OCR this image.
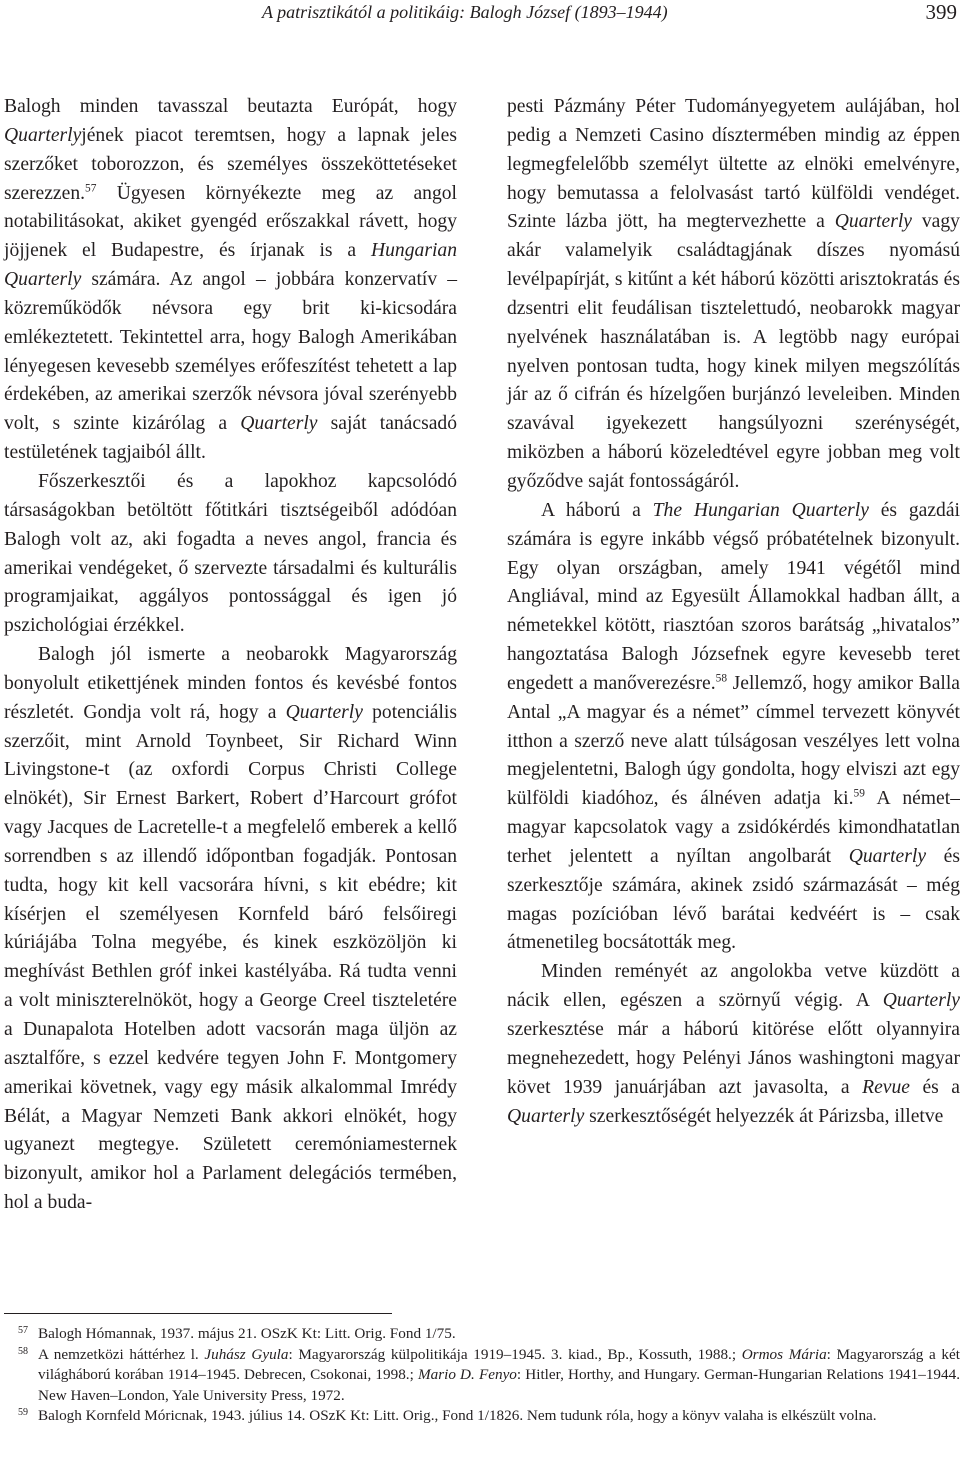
A patrisztikától a politikáig: Balogh József (1893–1944)	399

Balogh minden tavasszal beutazta Európát, hogy Quarterlyjének piacot teremtsen, hogy a lapnak jeles szerzőket toborozzon, és személyes összeköttetéseket szerezzen.$^{57}$ Ügyesen környékezte meg az angol notabilitásokat, akiket gyengéd erőszakkal rávett, hogy jöjjenek el Budapestre, és írjanak is a Hungarian Quarterly számára. Az angol – jobbára konzervatív – közreműködők névsora egy brit ki-kicsodára emlékeztetett. Tekintettel arra, hogy Balogh Amerikában lényegesen kevesebb személyes erőfeszítést tehetett a lap érdekében, az amerikai szerzők névsora jóval szerényebb volt, s szinte kizárólag a Quarterly saját tanácsadó testületének tagjaiból állt.

Főszerkesztői és a lapokhoz kapcsolódó társaságokban betöltött főtitkári tisztségeiből adódóan Balogh volt az, aki fogadta a neves angol, francia és amerikai vendégeket, ő szervezte társadalmi és kulturális programjaikat, aggályos pontossággal és igen jó pszichológiai érzékkel.

Balogh jól ismerte a neobarokk Magyarország bonyolult etikettjének minden fontos és kevésbé fontos részletét. Gondja volt rá, hogy a Quarterly potenciális szerzőit, mint Arnold Toynbeet, Sir Richard Winn Livingstone-t (az oxfordi Corpus Christi College elnökét), Sir Ernest Barkert, Robert d’Harcourt grófot vagy Jacques de Lacretelle-t a megfelelő emberek a kellő sorrendben s az illendő időpontban fogadják. Pontosan tudta, hogy kit kell vacsorára hívni, s kit ebédre; kit kísérjen el személyesen Kornfeld báró felsőiregi kúriájába Tolna megyébe, és kinek eszközöljön ki meghívást Bethlen gróf inkei kastélyába. Rá tudta venni a volt miniszterelnököt, hogy a George Creel tiszteletére a Dunapalota Hotelben adott vacsorán maga üljön az asztalfőre, s ezzel kedvére tegyen John F. Montgomery amerikai követnek, vagy egy másik alkalommal Imrédy Bélát, a Magyar Nemzeti Bank akkori elnökét, hogy ugyanezt megtegye. Született ceremóniamesternek bizonyult, amikor hol a Parlament delegációs termében, hol a buda-

pesti Pázmány Péter Tudományegyetem aulájában, hol pedig a Nemzeti Casino dísztermében mindig az éppen legmegfelelőbb személyt ültette az elnöki emelvényre, hogy bemutassa a felolvasást tartó külföldi vendéget. Szinte lázba jött, ha megtervezhette a Quarterly vagy akár valamelyik családtagjának díszes nyomású levélpapírját, s kitűnt a két háború közötti arisztokratás és dzsentri elit feudálisan tisztelettudó, neobarokk magyar nyelvének használatában is. A legtöbb nagy európai nyelven pontosan tudta, hogy kinek milyen megszólítás jár az ő cifrán és hízelgően burjánzó leveleiben. Minden szavával igyekezett hangsúlyozni szerénységét, miközben a háború közeledtével egyre jobban meg volt győződve saját fontosságáról.

A háború a The Hungarian Quarterly és gazdái számára is egyre inkább végső próbatételnek bizonyult. Egy olyan országban, amely 1941 végétől mind Angliával, mind az Egyesült Államokkal hadban állt, a németekkel kötött, riasztóan szoros barátság „hivatalos” hangoztatása Balogh Józsefnek egyre kevesebb teret engedett a manőverezésre.$^{58}$ Jellemző, hogy amikor Balla Antal „A magyar és a német” címmel tervezett könyvét itthon a szerző neve alatt túlságosan veszélyes lett volna megjelentetni, Balogh úgy gondolta, hogy elviszi azt egy külföldi kiadóhoz, és álnéven adatja ki.$^{59}$ A német–magyar kapcsolatok vagy a zsidókérdés kimondhatatlan terhet jelentett a nyíltan angolbarát Quarterly és szerkesztője számára, akinek zsidó származását – még magas pozícióban lévő barátai kedvéért is – csak átmenetileg bocsátották meg.

Minden reményét az angolokba vetve küzdött a nácik ellen, egészen a szörnyű végig. A Quarterly szerkesztése már a háború kitörése előtt olyannyira megnehezedett, hogy Pelényi János washingtoni magyar követ 1939 januárjában azt javasolta, a Revue és a Quarterly szerkesztőségét helyezzék át Párizsba, illetve

57 Balogh Hómannak, 1937. május 21. OSzK Kt: Litt. Orig. Fond 1/75.
58 A nemzetközi háttérhez l. Juhász Gyula: Magyarország külpolitikája 1919–1945. 3. kiad., Bp., Kossuth, 1988.; Ormos Mária: Magyarország a két világháború korában 1914–1945. Debrecen, Csokonai, 1998.; Mario D. Fenyo: Hitler, Horthy, and Hungary. German-Hungarian Relations 1941–1944. New Haven–London, Yale University Press, 1972.
59 Balogh Kornfeld Móricnak, 1943. július 14. OSzK Kt: Litt. Orig., Fond 1/1826. Nem tudunk róla, hogy a könyv valaha is elkészült volna.
